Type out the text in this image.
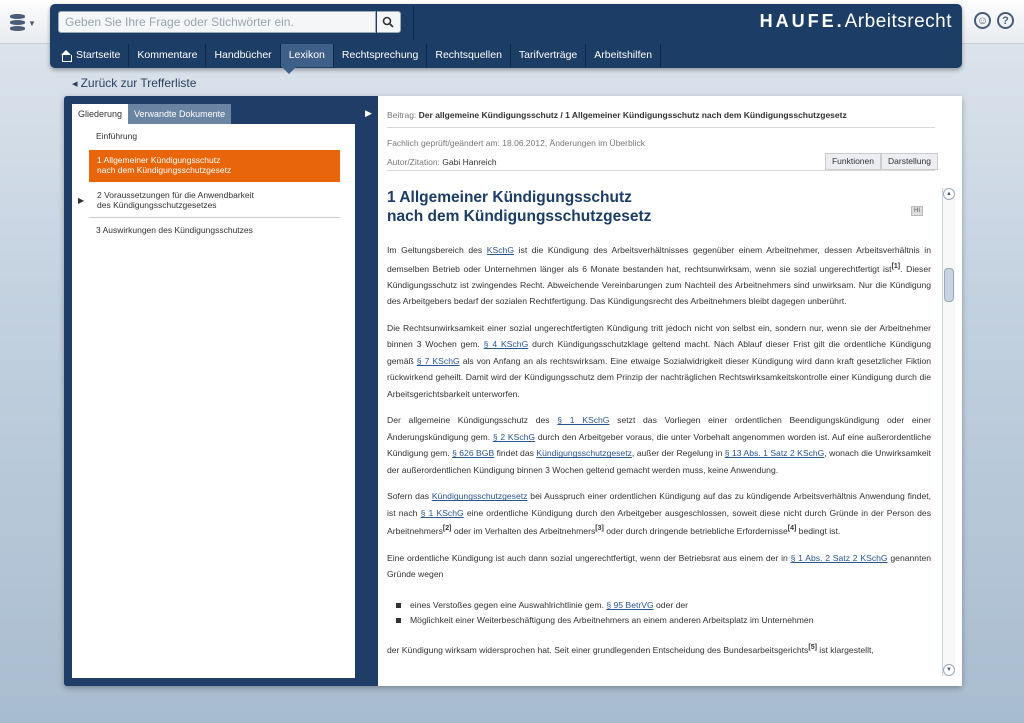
▼	☺	?
Geben Sie Ihre Frage oder Stichwörter ein.
HAUFE.Arbeitsrecht
Startseite Kommentare Handbücher Lexikon Rechtsprechung Rechtsquellen Tarifverträge Arbeitshilfen
◂ Zurück zur Trefferliste
Gliederung	Verwandte Dokumente
Einführung
1 Allgemeiner Kündigungsschutz
nach dem Kündigungsschutzgesetz
2 Voraussetzungen für die Anwendbarkeit
des Kündigungsschutzgesetzes
3 Auswirkungen des Kündigungsschutzes
▶
▶ Beitrag: Der allgemeine Kündigungsschutz / 1 Allgemeiner Kündigungsschutz nach dem Kündigungsschutzgesetz
Fachlich geprüft/geändert am: 18.06.2012, Änderungen im Überblick
Autor/Zitation: Gabi Hanreich	Funktionen	Darstellung
1 Allgemeiner Kündigungsschutz
nach dem Kündigungsschutzgesetz	HI

Im Geltungsbereich des KSchG ist die Kündigung des Arbeitsverhältnisses gegenüber einem Arbeitnehmer, dessen Arbeitsverhältnis in demselben Betrieb oder Unternehmen länger als 6 Monate bestanden hat, rechtsunwirksam, wenn sie sozial ungerechtfertigt ist[1]. Dieser Kündigungsschutz ist zwingendes Recht. Abweichende Vereinbarungen zum Nachteil des Arbeitnehmers sind unwirksam. Nur die Kündigung des Arbeitgebers bedarf der sozialen Rechtfertigung. Das Kündigungsrecht des Arbeitnehmers bleibt dagegen unberührt.

Die Rechtsunwirksamkeit einer sozial ungerechtfertigten Kündigung tritt jedoch nicht von selbst ein, sondern nur, wenn sie der Arbeitnehmer binnen 3 Wochen gem. § 4 KSchG durch Kündigungsschutzklage geltend macht. Nach Ablauf dieser Frist gilt die ordentliche Kündigung gemäß § 7 KSchG als von Anfang an als rechtswirksam. Eine etwaige Sozialwidrigkeit dieser Kündigung wird dann kraft gesetzlicher Fiktion rückwirkend geheilt. Damit wird der Kündigungsschutz dem Prinzip der nachträglichen Rechtswirksamkeitskontrolle einer Kündigung durch die Arbeitsgerichtsbarkeit unterworfen.

Der allgemeine Kündigungsschutz des § 1 KSchG setzt das Vorliegen einer ordentlichen Beendigungskündigung oder einer Änderungskündigung gem. § 2 KSchG durch den Arbeitgeber voraus, die unter Vorbehalt angenommen worden ist. Auf eine außerordentliche Kündigung gem. § 626 BGB findet das Kündigungsschutzgesetz, außer der Regelung in § 13 Abs. 1 Satz 2 KSchG, wonach die Unwirksamkeit der außerordentlichen Kündigung binnen 3 Wochen geltend gemacht werden muss, keine Anwendung.

Sofern das Kündigungsschutzgesetz bei Ausspruch einer ordentlichen Kündigung auf das zu kündigende Arbeitsverhältnis Anwendung findet, ist nach § 1 KSchG eine ordentliche Kündigung durch den Arbeitgeber ausgeschlossen, soweit diese nicht durch Gründe in der Person des Arbeitnehmers[2] oder im Verhalten des Arbeitnehmers[3] oder durch dringende betriebliche Erfordernisse[4] bedingt ist.

Eine ordentliche Kündigung ist auch dann sozial ungerechtfertigt, wenn der Betriebsrat aus einem der in § 1 Abs. 2 Satz 2 KSchG genannten Gründe wegen

eines Verstoßes gegen eine Auswahlrichtlinie gem. § 95 BetrVG oder der
Möglichkeit einer Weiterbeschäftigung des Arbeitnehmers an einem anderen Arbeitsplatz im Unternehmen

der Kündigung wirksam widersprochen hat. Seit einer grundlegenden Entscheidung des Bundesarbeitsgerichts[5] ist klargestellt,

▲
▼
